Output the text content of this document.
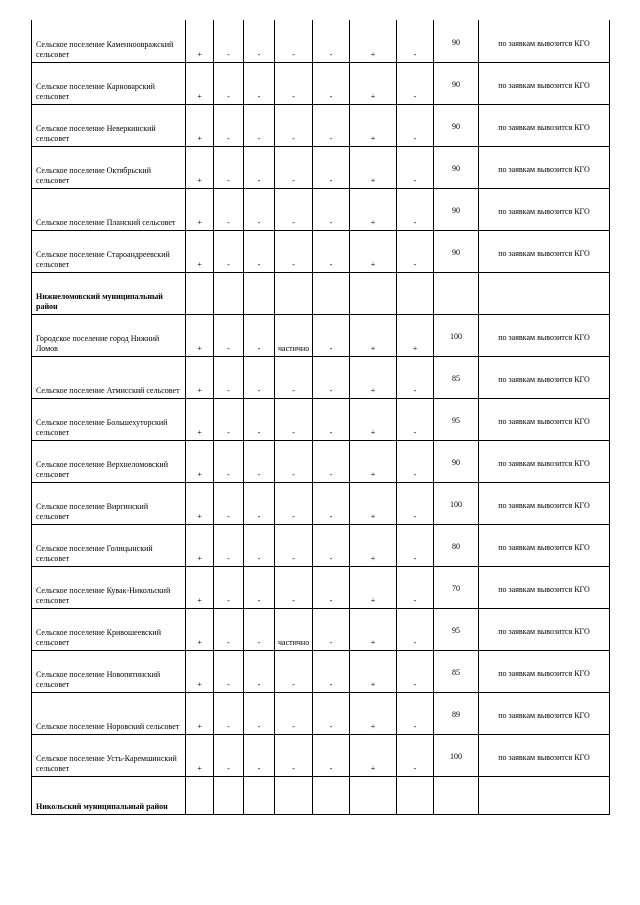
Сельское поселение Каменноовражский сельсовет	+	-	-	-	-	+	-	90	по заявкам вывозится КГО
Сельское поселение Карноварский сельсовет	+	-	-	-	-	+	-	90	по заявкам вывозится КГО
Сельское поселение Неверкинский сельсовет	+	-	-	-	-	+	-	90	по заявкам вывозится КГО
Сельское поселение Октябрьский сельсовет	+	-	-	-	-	+	-	90	по заявкам вывозится КГО
Сельское поселение Планский сельсовет	+	-	-	-	-	+	-	90	по заявкам вывозится КГО
Сельское поселение Староандреевский сельсовет	+	-	-	-	-	+	-	90	по заявкам вывозится КГО
Нижнеломовский муниципальный район									
Городское поселение город Нижний Ломов	+	-	-	частично	-	+	+	100	по заявкам вывозится КГО
Сельское поселение Атмисский сельсовет	+	-	-	-	-	+	-	85	по заявкам вывозится КГО
Сельское поселение Большехуторский сельсовет	+	-	-	-	-	+	-	95	по заявкам вывозится КГО
Сельское поселение Верхнеломовский сельсовет	+	-	-	-	-	+	-	90	по заявкам вывозится КГО
Сельское поселение Виргинский сельсовет	+	-	-	-	-	+	-	100	по заявкам вывозится КГО
Сельское поселение Голицынский сельсовет	+	-	-	-	-	+	-	80	по заявкам вывозится КГО
Сельское поселение Кувак-Никольский сельсовет	+	-	-	-	-	+	-	70	по заявкам вывозится КГО
Сельское поселение Кривошеевский сельсовет	+	-	-	частично	-	+	-	95	по заявкам вывозится КГО
Сельское поселение Новопятинский сельсовет	+	-	-	-	-	+	-	85	по заявкам вывозится КГО
Сельское поселение Норовский сельсовет	+	-	-	-	-	+	-	89	по заявкам вывозится КГО
Сельское поселение Усть-Каремшинский сельсовет	+	-	-	-	-	+	-	100	по заявкам вывозится КГО
Никольский муниципальный район									
